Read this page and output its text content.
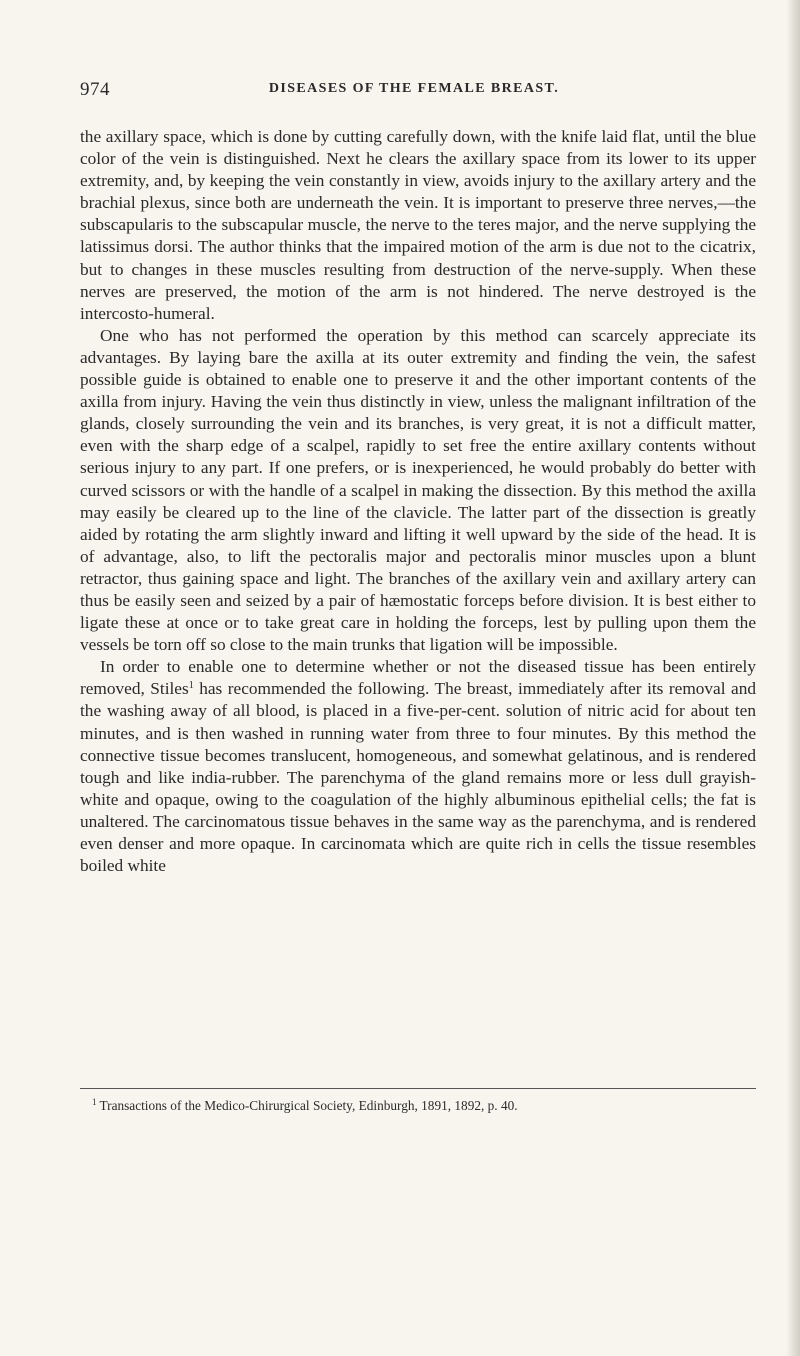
974	DISEASES OF THE FEMALE BREAST.

the axillary space, which is done by cutting carefully down, with the knife laid flat, until the blue color of the vein is distinguished. Next he clears the axillary space from its lower to its upper extremity, and, by keeping the vein constantly in view, avoids injury to the axillary artery and the brachial plexus, since both are underneath the vein. It is important to preserve three nerves,—the subscapularis to the subscapular muscle, the nerve to the teres major, and the nerve supplying the latissimus dorsi. The author thinks that the impaired motion of the arm is due not to the cicatrix, but to changes in these muscles resulting from destruction of the nerve-supply. When these nerves are preserved, the motion of the arm is not hindered. The nerve destroyed is the intercosto-humeral.

One who has not performed the operation by this method can scarcely appreciate its advantages. By laying bare the axilla at its outer extremity and finding the vein, the safest possible guide is obtained to enable one to preserve it and the other important contents of the axilla from injury. Having the vein thus distinctly in view, unless the malignant infiltration of the glands, closely surrounding the vein and its branches, is very great, it is not a difficult matter, even with the sharp edge of a scalpel, rapidly to set free the entire axillary contents without serious injury to any part. If one prefers, or is inexperienced, he would probably do better with curved scissors or with the handle of a scalpel in making the dissection. By this method the axilla may easily be cleared up to the line of the clavicle. The latter part of the dissection is greatly aided by rotating the arm slightly inward and lifting it well upward by the side of the head. It is of advantage, also, to lift the pectoralis major and pectoralis minor muscles upon a blunt retractor, thus gaining space and light. The branches of the axillary vein and axillary artery can thus be easily seen and seized by a pair of hæmostatic forceps before division. It is best either to ligate these at once or to take great care in holding the forceps, lest by pulling upon them the vessels be torn off so close to the main trunks that ligation will be impossible.

In order to enable one to determine whether or not the diseased tissue has been entirely removed, Stiles$^1$ has recommended the following. The breast, immediately after its removal and the washing away of all blood, is placed in a five-per-cent. solution of nitric acid for about ten minutes, and is then washed in running water from three to four minutes. By this method the connective tissue becomes translucent, homogeneous, and somewhat gelatinous, and is rendered tough and like india-rubber. The parenchyma of the gland remains more or less dull grayish-white and opaque, owing to the coagulation of the highly albuminous epithelial cells; the fat is unaltered. The carcinomatous tissue behaves in the same way as the parenchyma, and is rendered even denser and more opaque. In carcinomata which are quite rich in cells the tissue resembles boiled white

$^1$ Transactions of the Medico-Chirurgical Society, Edinburgh, 1891, 1892, p. 40.
